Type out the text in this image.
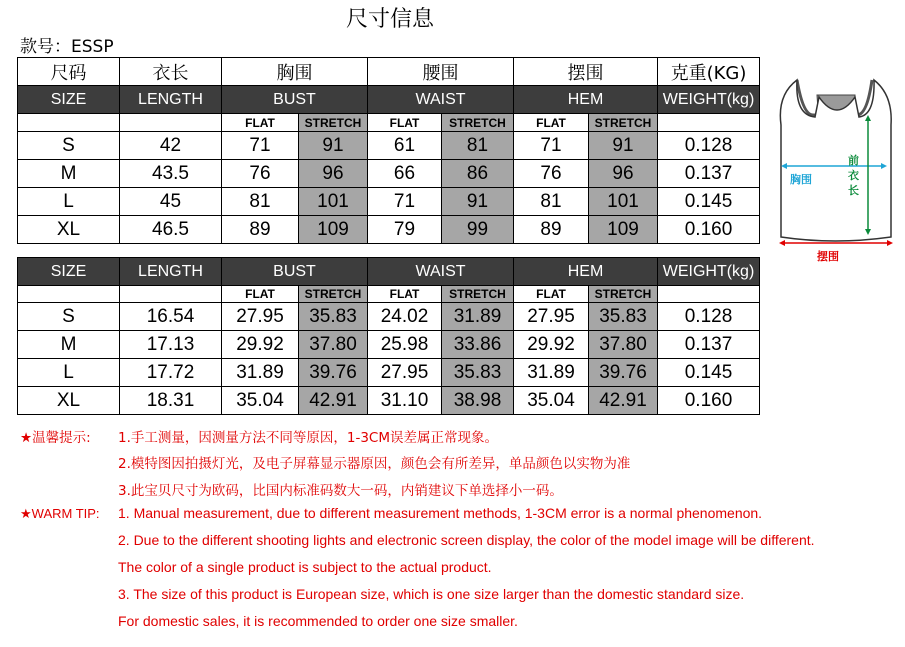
尺寸信息
款号：ESSP
尺码	衣长	胸围		腰围		摆围		克重(KG)
SIZE	LENGTH	BUST		WAIST		HEM		WEIGHT(kg)
		FLAT	STRETCH	FLAT	STRETCH	FLAT	STRETCH	
S	42	71	91	61	81	71	91	0.128
M	43.5	76	96	66	86	76	96	0.137
L	45	81	101	71	91	81	101	0.145
XL	46.5	89	109	79	99	89	109	0.160
SIZE	LENGTH	BUST		WAIST		HEM		WEIGHT(kg)
		FLAT	STRETCH	FLAT	STRETCH	FLAT	STRETCH	
S	16.54	27.95	35.83	24.02	31.89	27.95	35.83	0.128
M	17.13	29.92	37.80	25.98	33.86	29.92	37.80	0.137
L	17.72	31.89	39.76	27.95	35.83	31.89	39.76	0.145
XL	18.31	35.04	42.91	31.10	38.98	35.04	42.91	0.160
胸围
前衣长
摆围
★温馨提示: 1.手工测量，因测量方法不同等原因，1-3CM误差属正常现象。
2.模特图因拍摄灯光，及电子屏幕显示器原因，颜色会有所差异，单品颜色以实物为准
3.此宝贝尺寸为欧码，比国内标准码数大一码，内销建议下单选择小一码。
★WARM TIP: 1. Manual measurement, due to different measurement methods, 1-3CM error is a normal phenomenon.
2. Due to the different shooting lights and electronic screen display, the color of the model image will be different.
The color of a single product is subject to the actual product.
3. The size of this product is European size, which is one size larger than the domestic standard size.
For domestic sales, it is recommended to order one size smaller.
